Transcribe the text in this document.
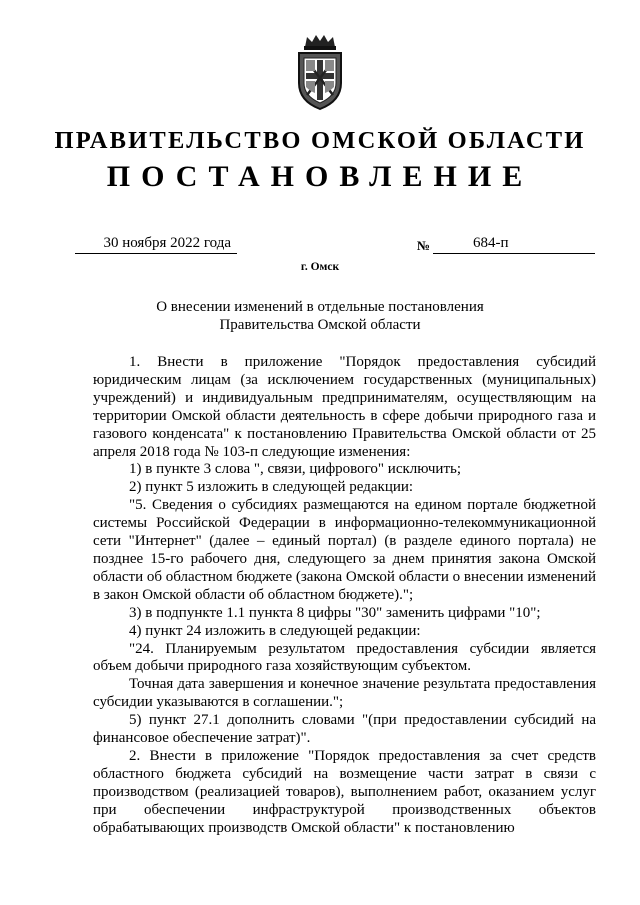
ПРАВИТЕЛЬСТВО ОМСКОЙ ОБЛАСТИ
ПОСТАНОВЛЕНИЕ
30 ноября 2022 года	№	684-п
г. Омск
О внесении изменений в отдельные постановления
Правительства Омской области

1. Внести в приложение "Порядок предоставления субсидий юридическим лицам (за исключением государственных (муниципальных) учреждений) и индивидуальным предпринимателям, осуществляющим на территории Омской области деятельность в сфере добычи природного газа и газового конденсата" к постановлению Правительства Омской области от 25 апреля 2018 года № 103-п следующие изменения:

1) в пункте 3 слова ", связи, цифрового" исключить;

2) пункт 5 изложить в следующей редакции:

"5. Сведения о субсидиях размещаются на едином портале бюджетной системы Российской Федерации в информационно-телекоммуникационной сети "Интернет" (далее – единый портал) (в разделе единого портала) не позднее 15-го рабочего дня, следующего за днем принятия закона Омской области об областном бюджете (закона Омской области о внесении изменений в закон Омской области об областном бюджете).";

3) в подпункте 1.1 пункта 8 цифры "30" заменить цифрами "10";

4) пункт 24 изложить в следующей редакции:

"24. Планируемым результатом предоставления субсидии является объем добычи природного газа хозяйствующим субъектом.

Точная дата завершения и конечное значение результата предоставления субсидии указываются в соглашении.";

5) пункт 27.1 дополнить словами "(при предоставлении субсидий на финансовое обеспечение затрат)".

2. Внести в приложение "Порядок предоставления за счет средств областного бюджета субсидий на возмещение части затрат в связи с производством (реализацией товаров), выполнением работ, оказанием услуг при обеспечении инфраструктурой производственных объектов обрабатывающих производств Омской области" к постановлению
